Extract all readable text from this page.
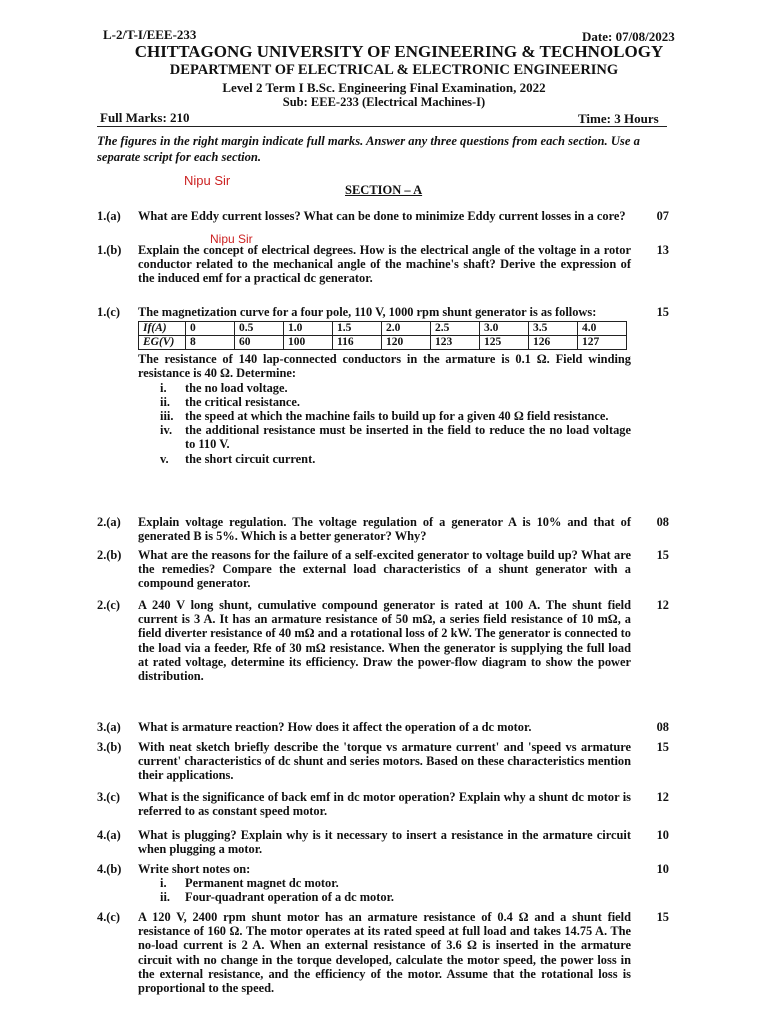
L-2/T-I/EEE-233	Date: 07/08/2023
CHITTAGONG UNIVERSITY OF ENGINEERING & TECHNOLOGY
DEPARTMENT OF ELECTRICAL & ELECTRONIC ENGINEERING
Level 2 Term I B.Sc. Engineering Final Examination, 2022
Sub: EEE-233 (Electrical Machines-I)
Full Marks: 210	Time: 3 Hours
The figures in the right margin indicate full marks. Answer any three questions from each section. Use a separate script for each section.
Nipu Sir
SECTION – A
1.(a) What are Eddy current losses? What can be done to minimize Eddy current losses in a core?	07
Nipu Sir
1.(b) Explain the concept of electrical degrees. How is the electrical angle of the voltage in a rotor conductor related to the mechanical angle of the machine's shaft? Derive the expression of the induced emf for a practical dc generator.
13
1.(c) The magnetization curve for a four pole, 110 V, 1000 rpm shunt generator is as follows:
If(A)	0	0.5	1.0	1.5	2.0	2.5	3.0	3.5	4.0
EG(V)	8	60	100	116	120	123	125	126	127
The resistance of 140 lap-connected conductors in the armature is 0.1 Ω. Field winding resistance is 40 Ω. Determine:
i.	the no load voltage.
ii.	the critical resistance.
iii. the speed at which the machine fails to build up for a given 40 Ω field resistance.
iv.	the additional resistance must be inserted in the field to reduce the no load voltage to 110 V.
v.	the short circuit current.
15
2.(a) Explain voltage regulation. The voltage regulation of a generator A is 10% and that of generated B is 5%. Which is a better generator? Why?
08
2.(b) What are the reasons for the failure of a self-excited generator to voltage build up? What are the remedies? Compare the external load characteristics of a shunt generator with a compound generator.
15
2.(c) A 240 V long shunt, cumulative compound generator is rated at 100 A. The shunt field current is 3 A. It has an armature resistance of 50 mΩ, a series field resistance of 10 mΩ, a field diverter resistance of 40 mΩ and a rotational loss of 2 kW. The generator is connected to the load via a feeder, Rfe of 30 mΩ resistance. When the generator is supplying the full load at rated voltage, determine its efficiency. Draw the power-flow diagram to show the power distribution.
12
3.(a) What is armature reaction? How does it affect the operation of a dc motor.	08
3.(b) With neat sketch briefly describe the 'torque vs armature current' and 'speed vs armature current' characteristics of dc shunt and series motors. Based on these characteristics mention their applications.
15
3.(c) What is the significance of back emf in dc motor operation? Explain why a shunt dc motor is referred to as constant speed motor.
12
4.(a) What is plugging? Explain why is it necessary to insert a resistance in the armature circuit when plugging a motor.
10
4.(b) Write short notes on:
i.	Permanent magnet dc motor.
ii.	Four-quadrant operation of a dc motor.
10
4.(c) A 120 V, 2400 rpm shunt motor has an armature resistance of 0.4 Ω and a shunt field resistance of 160 Ω. The motor operates at its rated speed at full load and takes 14.75 A. The no-load current is 2 A. When an external resistance of 3.6 Ω is inserted in the armature circuit with no change in the torque developed, calculate the motor speed, the power loss in the external resistance, and the efficiency of the motor. Assume that the rotational loss is proportional to the speed.
15
